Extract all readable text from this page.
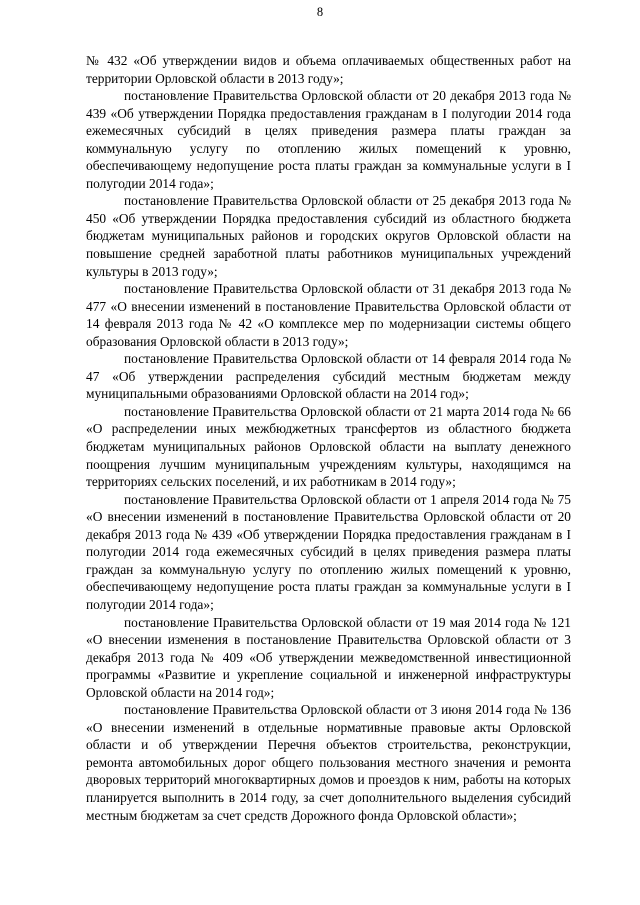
8

№ 432 «Об утверждении видов и объема оплачиваемых общественных работ на территории Орловской области в 2013 году»;

постановление Правительства Орловской области от 20 декабря 2013 года № 439 «Об утверждении Порядка предоставления гражданам в I полугодии 2014 года ежемесячных субсидий в целях приведения размера платы граждан за коммунальную услугу по отоплению жилых помещений к уровню, обеспечивающему недопущение роста платы граждан за коммунальные услуги в I полугодии 2014 года»;

постановление Правительства Орловской области от 25 декабря 2013 года № 450 «Об утверждении Порядка предоставления субсидий из областного бюджета бюджетам муниципальных районов и городских округов Орловской области на повышение средней заработной платы работников муниципальных учреждений культуры в 2013 году»;

постановление Правительства Орловской области от 31 декабря 2013 года № 477 «О внесении изменений в постановление Правительства Орловской области от 14 февраля 2013 года № 42 «О комплексе мер по модернизации системы общего образования Орловской области в 2013 году»;

постановление Правительства Орловской области от 14 февраля 2014 года № 47 «Об утверждении распределения субсидий местным бюджетам между муниципальными образованиями Орловской области на 2014 год»;

постановление Правительства Орловской области от 21 марта 2014 года № 66 «О распределении иных межбюджетных трансфертов из областного бюджета бюджетам муниципальных районов Орловской области на выплату денежного поощрения лучшим муниципальным учреждениям культуры, находящимся на территориях сельских поселений, и их работникам в 2014 году»;

постановление Правительства Орловской области от 1 апреля 2014 года № 75 «О внесении изменений в постановление Правительства Орловской области от 20 декабря 2013 года № 439 «Об утверждении Порядка предоставления гражданам в I полугодии 2014 года ежемесячных субсидий в целях приведения размера платы граждан за коммунальную услугу по отоплению жилых помещений к уровню, обеспечивающему недопущение роста платы граждан за коммунальные услуги в I полугодии 2014 года»;

постановление Правительства Орловской области от 19 мая 2014 года № 121 «О внесении изменения в постановление Правительства Орловской области от 3 декабря 2013 года № 409 «Об утверждении межведомственной инвестиционной программы «Развитие и укрепление социальной и инженерной инфраструктуры Орловской области на 2014 год»;

постановление Правительства Орловской области от 3 июня 2014 года № 136 «О внесении изменений в отдельные нормативные правовые акты Орловской области и об утверждении Перечня объектов строительства, реконструкции, ремонта автомобильных дорог общего пользования местного значения и ремонта дворовых территорий многоквартирных домов и проездов к ним, работы на которых планируется выполнить в 2014 году, за счет дополнительного выделения субсидий местным бюджетам за счет средств Дорожного фонда Орловской области»;
